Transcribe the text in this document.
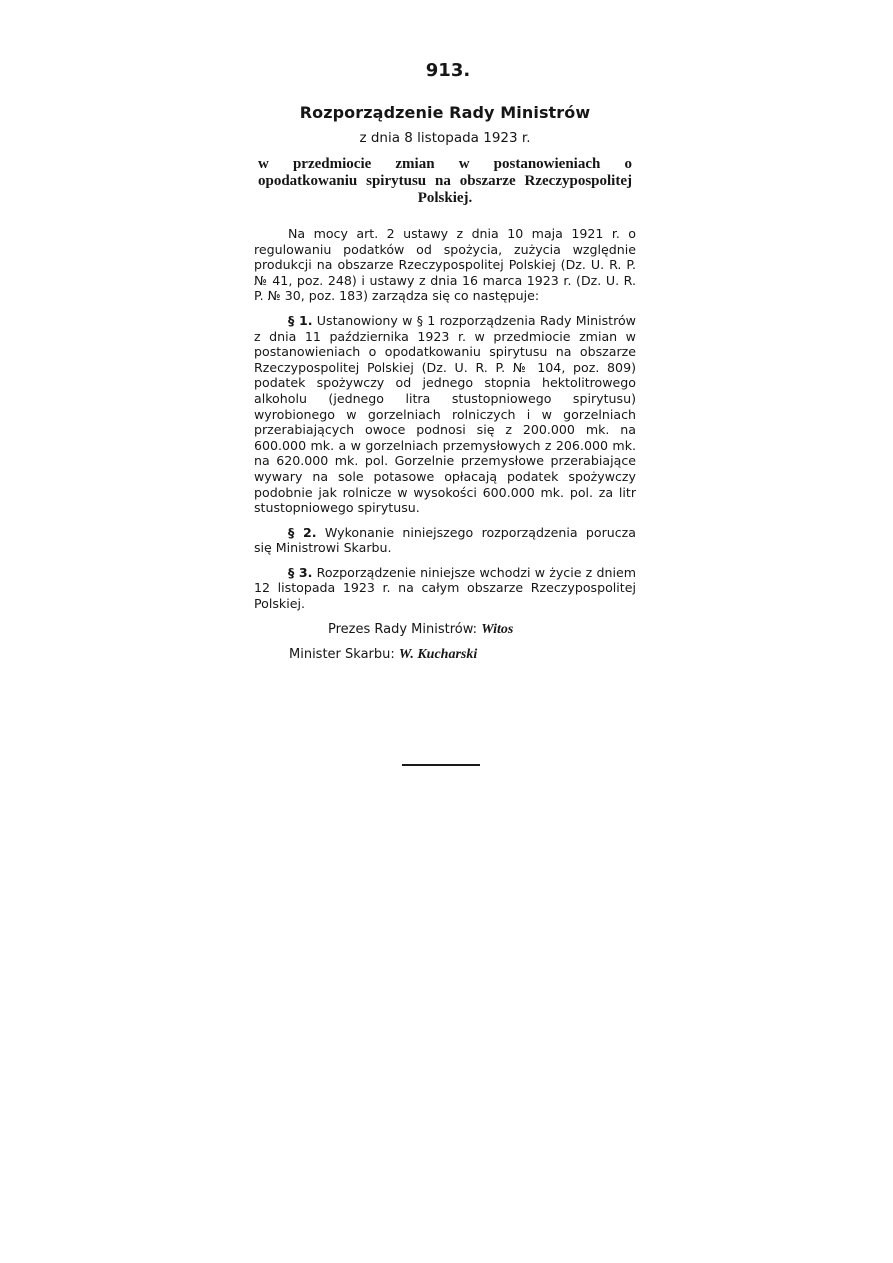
913.
Rozporządzenie Rady Ministrów
z dnia 8 listopada 1923 r.
w przedmiocie zmian w postanowieniach o opodatkowaniu spirytusu na obszarze Rzeczypospolitej Polskiej.

Na mocy art. 2 ustawy z dnia 10 maja 1921 r. o regulowaniu podatków od spożycia, zużycia względnie produkcji na obszarze Rzeczypospolitej Polskiej (Dz. U. R. P. № 41, poz. 248) i ustawy z dnia 16 marca 1923 r. (Dz. U. R. P. № 30, poz. 183) zarządza się co następuje:

§ 1. Ustanowiony w § 1 rozporządzenia Rady Ministrów z dnia 11 października 1923 r. w przedmiocie zmian w postanowieniach o opodatkowaniu spirytusu na obszarze Rzeczypospolitej Polskiej (Dz. U. R. P. № 104, poz. 809) podatek spożywczy od jednego stopnia hektolitrowego alkoholu (jednego litra stustopniowego spirytusu) wyrobionego w gorzelniach rolniczych i w gorzelniach przerabiających owoce podnosi się z 200.000 mk. na 600.000 mk. a w gorzelniach przemysłowych z 206.000 mk. na 620.000 mk. pol. Gorzelnie przemysłowe przerabiające wywary na sole potasowe opłacają podatek spożywczy podobnie jak rolnicze w wysokości 600.000 mk. pol. za litr stustopniowego spirytusu.

§ 2. Wykonanie niniejszego rozporządzenia porucza się Ministrowi Skarbu.

§ 3. Rozporządzenie niniejsze wchodzi w życie z dniem 12 listopada 1923 r. na całym obszarze Rzeczypospolitej Polskiej.

Prezes Rady Ministrów: Witos
Minister Skarbu: W. Kucharski
